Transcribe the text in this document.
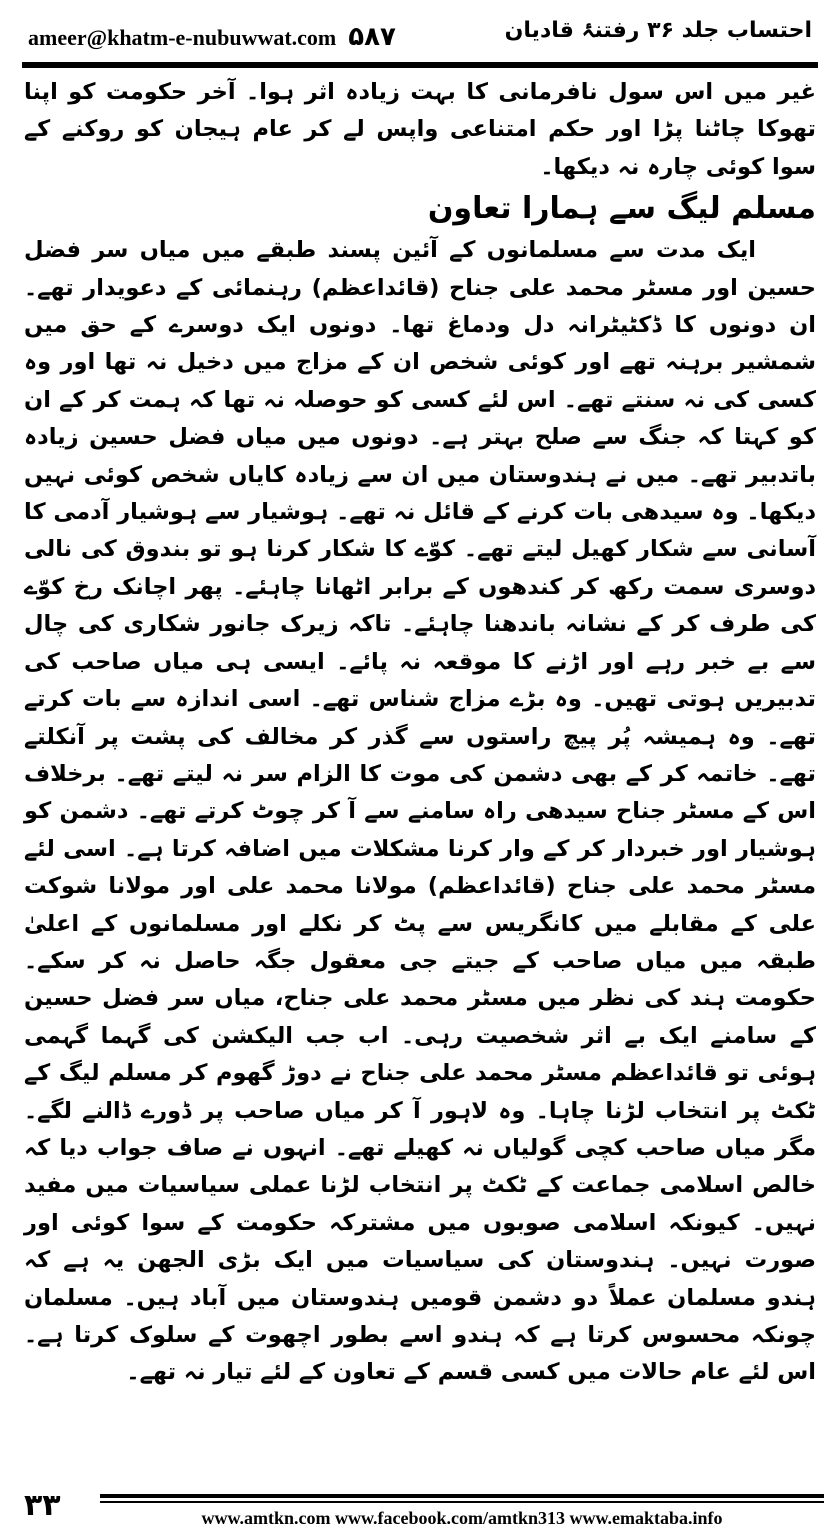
ameer@khatm-e-nubuwwat.com ۵۸۷	احتساب جلد ۳۶ رفتنۂ قادیان

غیر میں اس سول نافرمانی کا بہت زیادہ اثر ہوا۔ آخر حکومت کو اپنا تھوکا چاٹنا پڑا اور حکم امتناعی واپس لے کر عام ہیجان کو روکنے کے سوا کوئی چارہ نہ دیکھا۔

مسلم لیگ سے ہمارا تعاون

ایک مدت سے مسلمانوں کے آئین پسند طبقے میں میاں سر فضل حسین اور مسٹر محمد علی جناح (قائداعظم) رہنمائی کے دعویدار تھے۔ ان دونوں کا ڈکٹیٹرانہ دل ودماغ تھا۔ دونوں ایک دوسرے کے حق میں شمشیر برہنہ تھے اور کوئی شخص ان کے مزاج میں دخیل نہ تھا اور وہ کسی کی نہ سنتے تھے۔ اس لئے کسی کو حوصلہ نہ تھا کہ ہمت کر کے ان کو کہتا کہ جنگ سے صلح بہتر ہے۔ دونوں میں میاں فضل حسین زیادہ باتدبیر تھے۔ میں نے ہندوستان میں ان سے زیادہ کایاں شخص کوئی نہیں دیکھا۔ وہ سیدھی بات کرنے کے قائل نہ تھے۔ ہوشیار سے ہوشیار آدمی کا آسانی سے شکار کھیل لیتے تھے۔ کوّے کا شکار کرنا ہو تو بندوق کی نالی دوسری سمت رکھ کر کندھوں کے برابر اٹھانا چاہئے۔ پھر اچانک رخ کوّے کی طرف کر کے نشانہ باندھنا چاہئے۔ تاکہ زیرک جانور شکاری کی چال سے بے خبر رہے اور اڑنے کا موقعہ نہ پائے۔ ایسی ہی میاں صاحب کی تدبیریں ہوتی تھیں۔ وہ بڑے مزاج شناس تھے۔ اسی اندازہ سے بات کرتے تھے۔ وہ ہمیشہ پُر پیچ راستوں سے گذر کر مخالف کی پشت پر آنکلتے تھے۔ خاتمہ کر کے بھی دشمن کی موت کا الزام سر نہ لیتے تھے۔ برخلاف اس کے مسٹر جناح سیدھی راہ سامنے سے آ کر چوٹ کرتے تھے۔ دشمن کو ہوشیار اور خبردار کر کے وار کرنا مشکلات میں اضافہ کرتا ہے۔ اسی لئے مسٹر محمد علی جناح (قائداعظم) مولانا محمد علی اور مولانا شوکت علی کے مقابلے میں کانگریس سے پٹ کر نکلے اور مسلمانوں کے اعلیٰ طبقہ میں میاں صاحب کے جیتے جی معقول جگہ حاصل نہ کر سکے۔ حکومت ہند کی نظر میں مسٹر محمد علی جناح، میاں سر فضل حسین کے سامنے ایک بے اثر شخصیت رہی۔ اب جب الیکشن کی گہما گہمی ہوئی تو قائداعظم مسٹر محمد علی جناح نے دوڑ گھوم کر مسلم لیگ کے ٹکٹ پر انتخاب لڑنا چاہا۔ وہ لاہور آ کر میاں صاحب پر ڈورے ڈالنے لگے۔ مگر میاں صاحب کچی گولیاں نہ کھیلے تھے۔ انہوں نے صاف جواب دیا کہ خالص اسلامی جماعت کے ٹکٹ پر انتخاب لڑنا عملی سیاسیات میں مفید نہیں۔ کیونکہ اسلامی صوبوں میں مشترکہ حکومت کے سوا کوئی اور صورت نہیں۔ ہندوستان کی سیاسیات میں ایک بڑی الجھن یہ ہے کہ ہندو مسلمان عملاً دو دشمن قومیں ہندوستان میں آباد ہیں۔ مسلمان چونکہ محسوس کرتا ہے کہ ہندو اسے بطور اچھوت کے سلوک کرتا ہے۔ اس لئے عام حالات میں کسی قسم کے تعاون کے لئے تیار نہ تھے۔

۳۳	www.amtkn.com www.facebook.com/amtkn313 www.emaktaba.info
